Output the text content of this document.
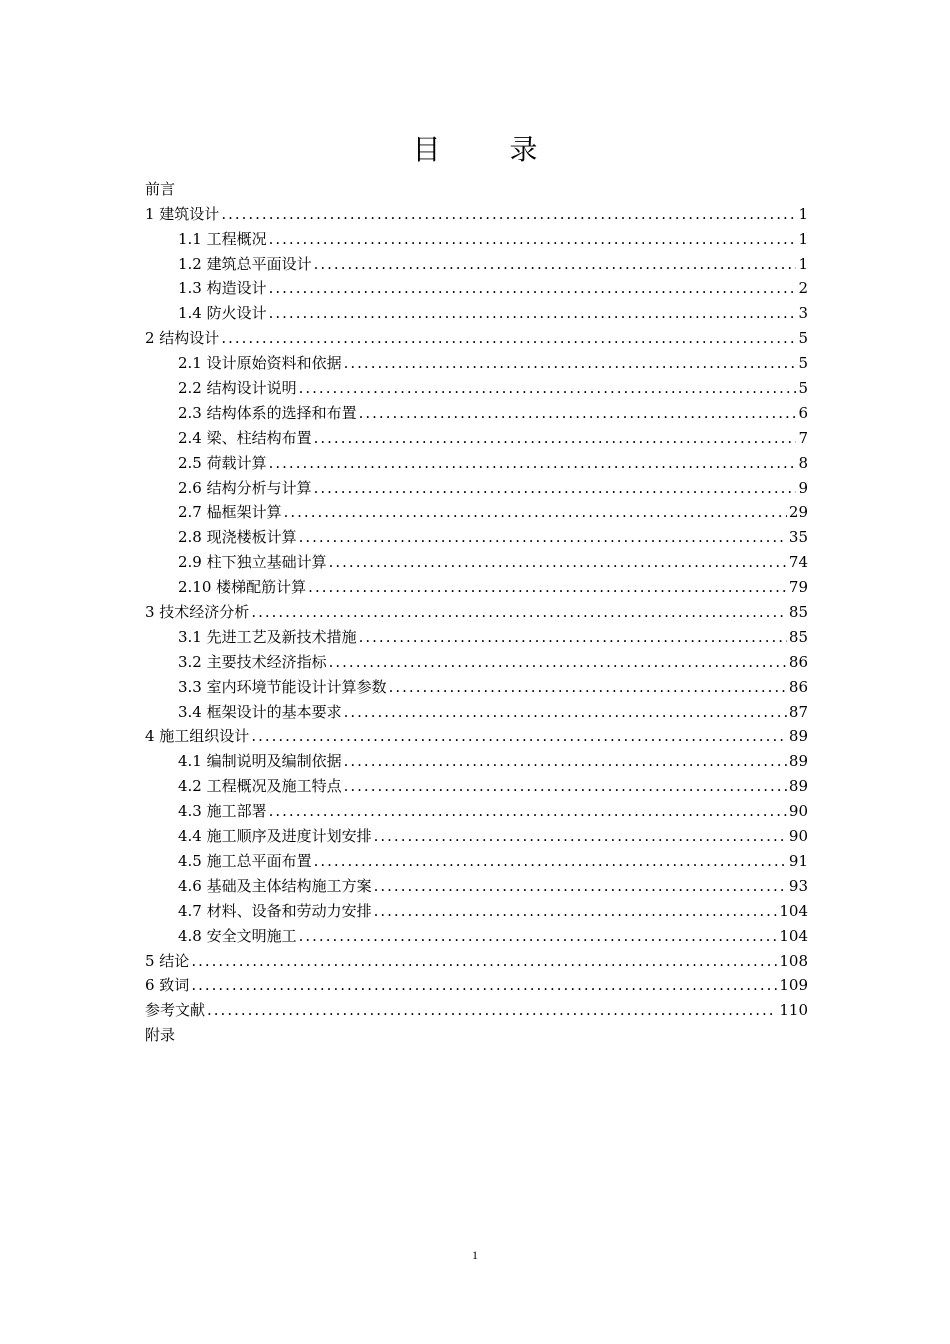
目 录
前言
1 建筑设计 .....	1
1.1 工程概况 .....	1
1.2 建筑总平面设计 .....	1
1.3 构造设计 .....	2
1.4 防火设计 .....	3
2 结构设计 .....	5
2.1 设计原始资料和依据 .....	5
2.2 结构设计说明 .....	5
2.3 结构体系的选择和布置 .....	6
2.4 梁、柱结构布置 .....	7
2.5 荷载计算 .....	8
2.6 结构分析与计算 .....	9
2.7 榀框架计算 .....	29
2.8 现浇楼板计算 .....	35
2.9 柱下独立基础计算 .....	74
2.10 楼梯配筋计算 .....	79
3 技术经济分析 .....	85
3.1 先进工艺及新技术措施 .....	85
3.2 主要技术经济指标 .....	86
3.3 室内环境节能设计计算参数 .....	86
3.4 框架设计的基本要求 .....	87
4 施工组织设计 .....	89
4.1 编制说明及编制依据 .....	89
4.2 工程概况及施工特点 .....	89
4.3 施工部署 .....	90
4.4 施工顺序及进度计划安排 .....	90
4.5 施工总平面布置 .....	91
4.6 基础及主体结构施工方案 .....	93
4.7 材料、设备和劳动力安排 .....	104
4.8 安全文明施工 .....	104
5 结论 .....	108
6 致词 .....	109
参考文献 .....	110
附录
1
